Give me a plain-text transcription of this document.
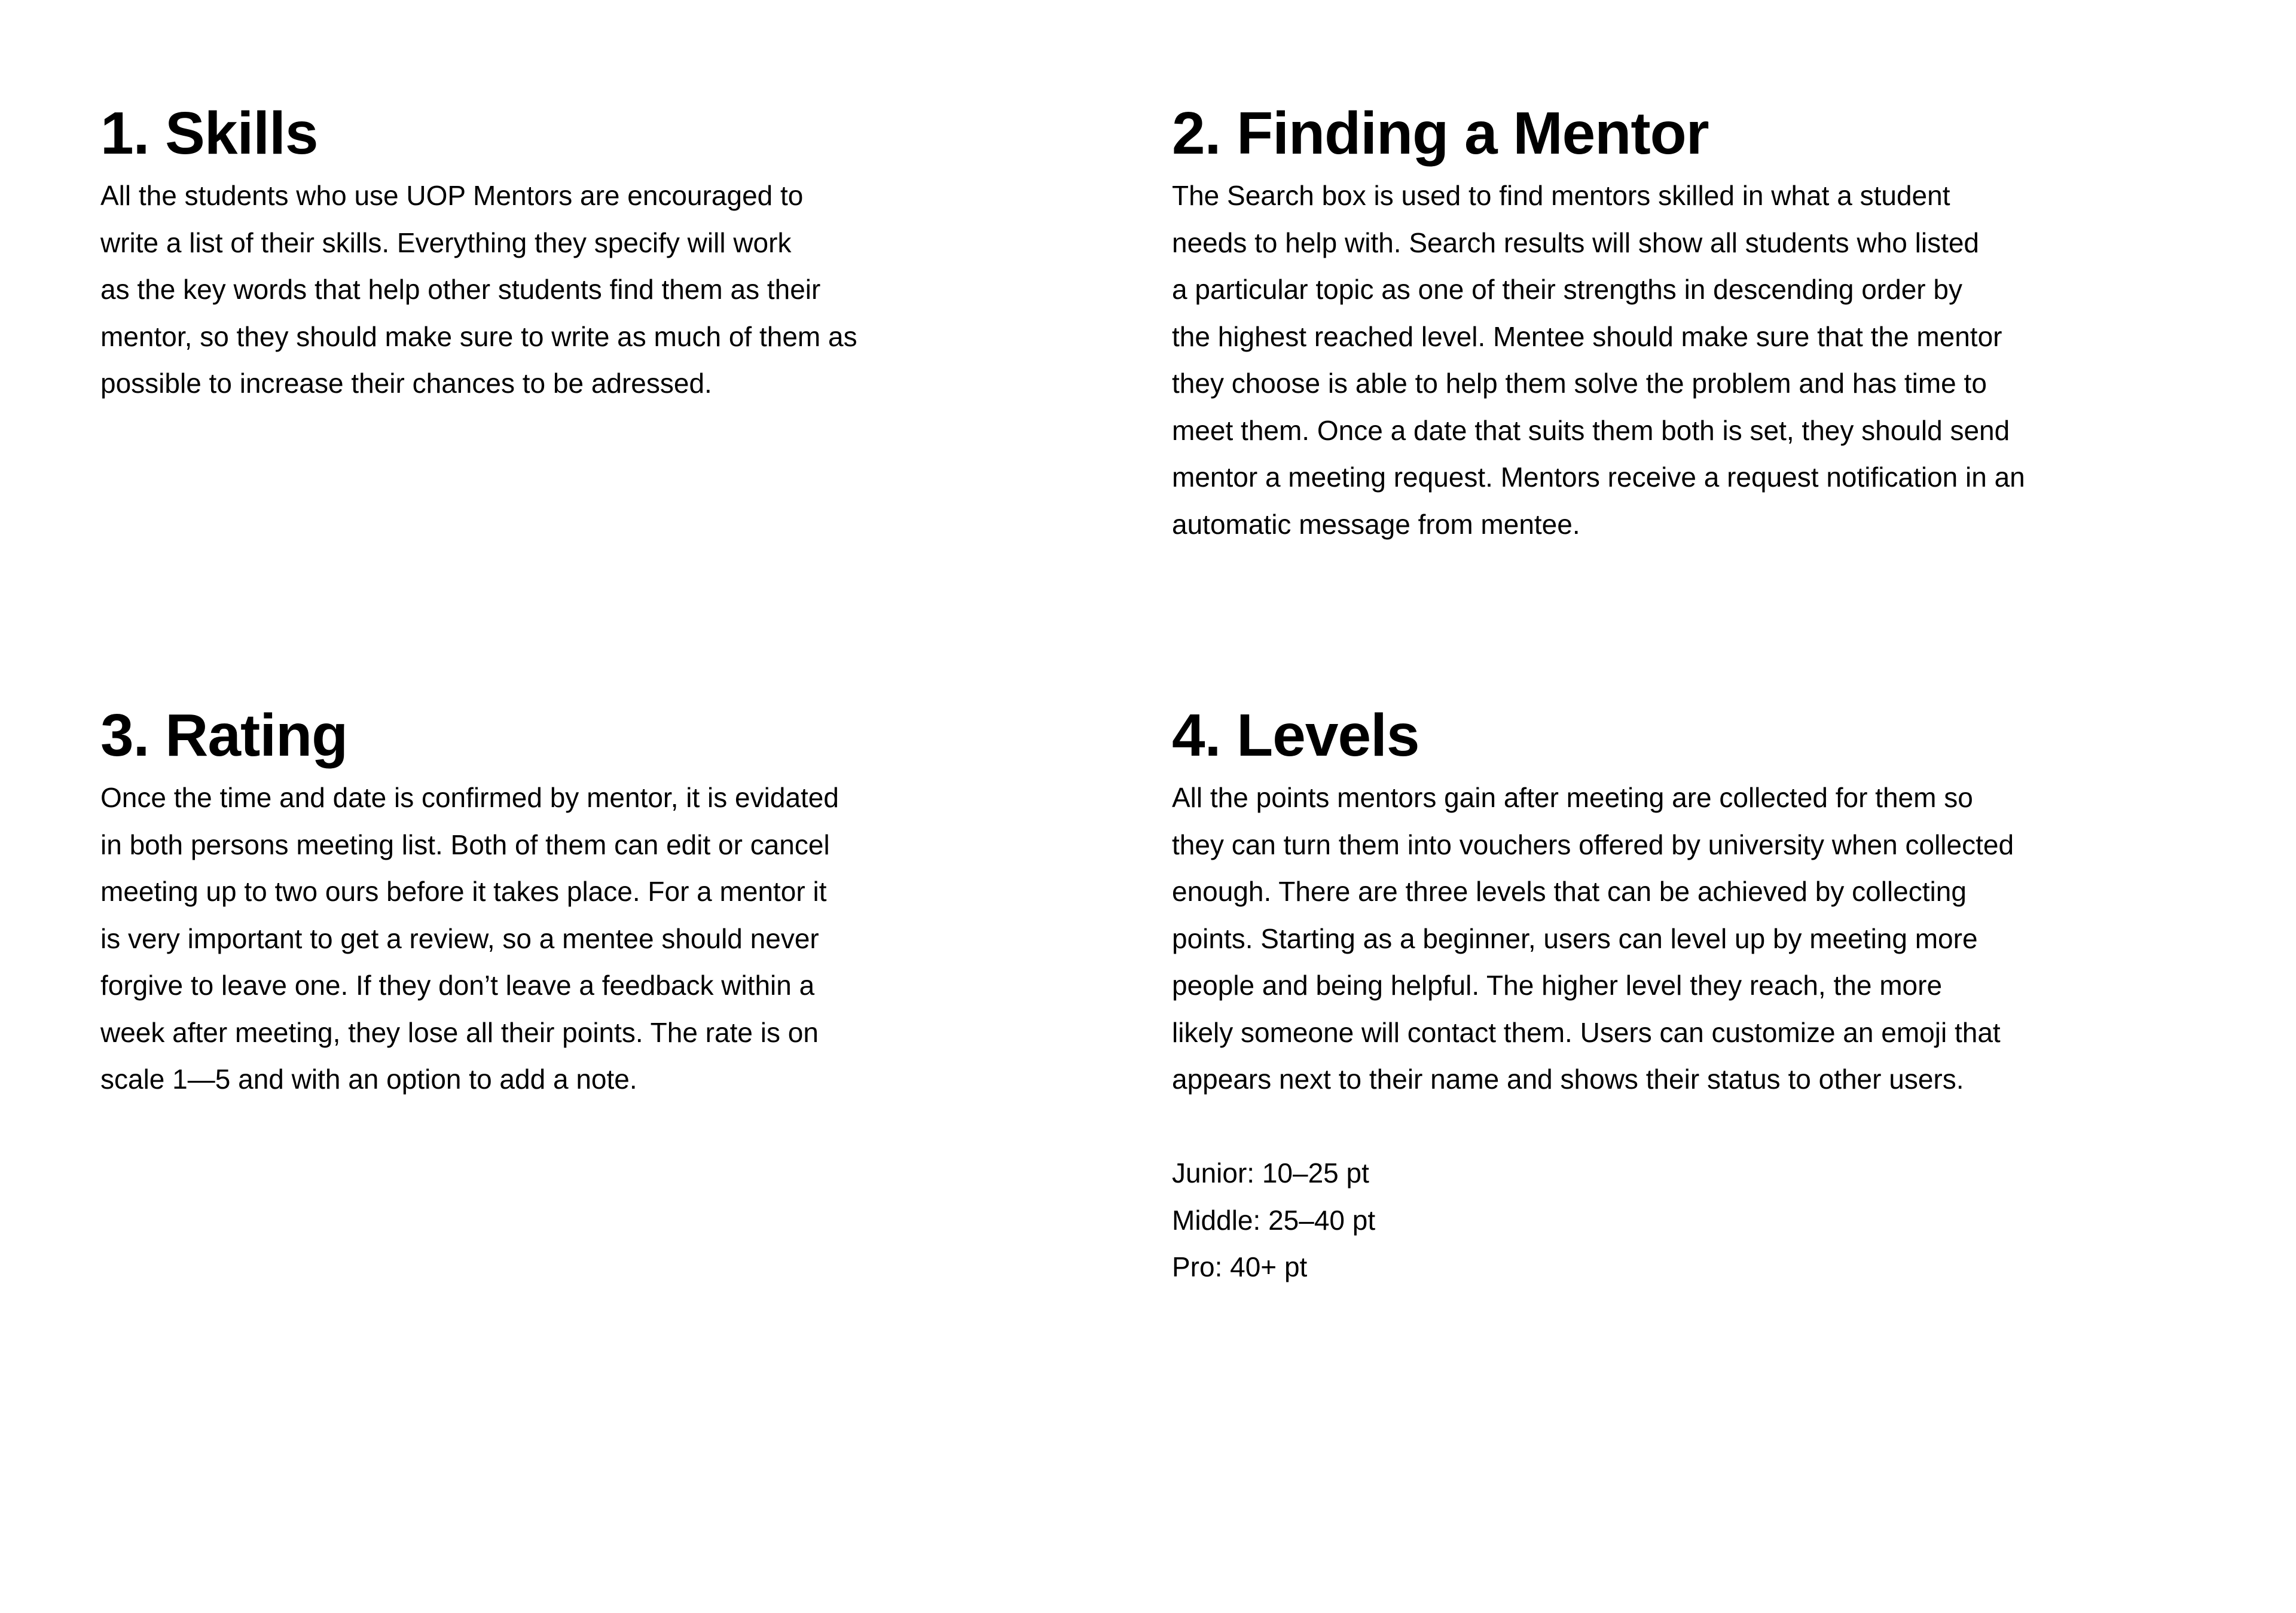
1. Skills
All the students who use UOP Mentors are encouraged to
write a list of their skills. Everything they specify will work
as the key words that help other students find them as their
mentor, so they should make sure to write as much of them as
possible to increase their chances to be adressed.
2. Finding a Mentor
The Search box is used to find mentors skilled in what a student
needs to help with. Search results will show all students who listed
a particular topic as one of their strengths in descending order by
the highest reached level. Mentee should make sure that the mentor
they choose is able to help them solve the problem and has time to
meet them. Once a date that suits them both is set, they should send
mentor a meeting request. Mentors receive a request notification in an
automatic message from mentee.
3. Rating
Once the time and date is confirmed by mentor, it is evidated
in both persons meeting list. Both of them can edit or cancel
meeting up to two ours before it takes place. For a mentor it
is very important to get a review, so a mentee should never
forgive to leave one. If they don’t leave a feedback within a
week after meeting, they lose all their points. The rate is on
scale 1—5 and with an option to add a note.
4. Levels
All the points mentors gain after meeting are collected for them so
they can turn them into vouchers offered by university when collected
enough. There are three levels that can be achieved by collecting
points. Starting as a beginner, users can level up by meeting more
people and being helpful. The higher level they reach, the more
likely someone will contact them. Users can customize an emoji that
appears next to their name and shows their status to other users.
Junior: 10–25 pt
Middle: 25–40 pt
Pro: 40+ pt
